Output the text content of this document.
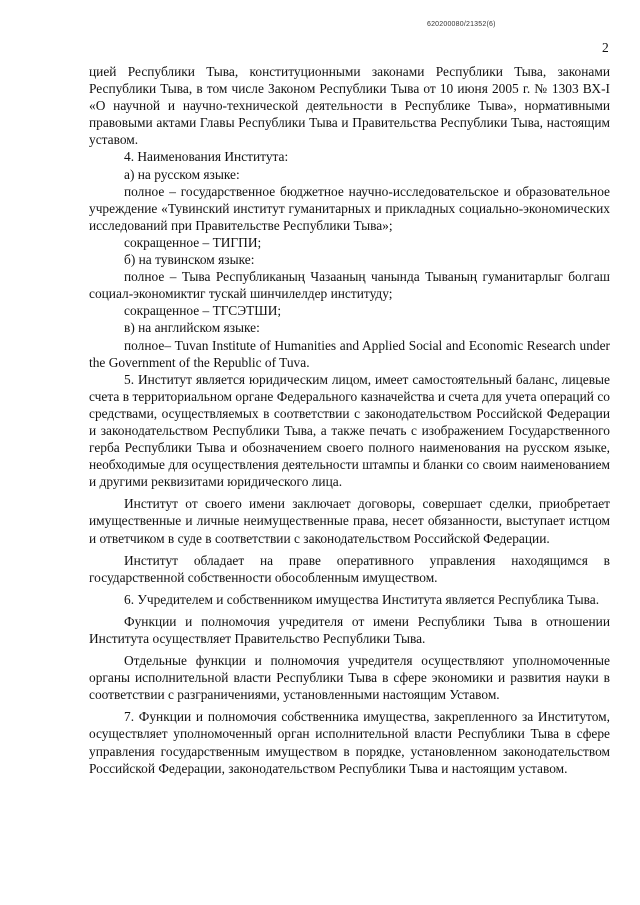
620200080/21352(6)
2

цией Республики Тыва, конституционными законами Республики Тыва, законами Республики Тыва, в том числе Законом Республики Тыва от 10 июня 2005 г. № 1303 ВХ-I «О научной и научно-технической деятельности в Республике Тыва», нормативными правовыми актами Главы Республики Тыва и Правительства Республики Тыва, настоящим уставом.

4. Наименования Института:

а) на русском языке:

полное – государственное бюджетное научно-исследовательское и образовательное учреждение «Тувинский институт гуманитарных и прикладных социально-экономических исследований при Правительстве Республики Тыва»;

сокращенное – ТИГПИ;

б) на тувинском языке:

полное – Тыва Республиканың Чазааның чанында Тываның гуманитарлыг болгаш социал-экономиктиг тускай шинчилелдер институду;

сокращенное – ТГСЭТШИ;

в) на английском языке:

полное– Tuvan Institute of Humanities and Applied Social and Economic Research under the Government of the Republic of Tuva.

5. Институт является юридическим лицом, имеет самостоятельный баланс, лицевые счета в территориальном органе Федерального казначейства и счета для учета операций со средствами, осуществляемых в соответствии с законодательством Российской Федерации и законодательством Республики Тыва, а также печать с изображением Государственного герба Республики Тыва и обозначением своего полного наименования на русском языке, необходимые для осуществления деятельности штампы и бланки со своим наименованием и другими реквизитами юридического лица.

Институт от своего имени заключает договоры, совершает сделки, приобретает имущественные и личные неимущественные права, несет обязанности, выступает истцом и ответчиком в суде в соответствии с законодательством Российской Федерации.

Институт обладает на праве оперативного управления находящимся в государственной собственности обособленным имуществом.

6. Учредителем и собственником имущества Института является Республика Тыва.

Функции и полномочия учредителя от имени Республики Тыва в отношении Института осуществляет Правительство Республики Тыва.

Отдельные функции и полномочия учредителя осуществляют уполномоченные органы исполнительной власти Республики Тыва в сфере экономики и развития науки в соответствии с разграничениями, установленными настоящим Уставом.

7. Функции и полномочия собственника имущества, закрепленного за Институтом, осуществляет уполномоченный орган исполнительной власти Республики Тыва в сфере управления государственным имуществом в порядке, установленном законодательством Российской Федерации, законодательством Республики Тыва и настоящим уставом.
